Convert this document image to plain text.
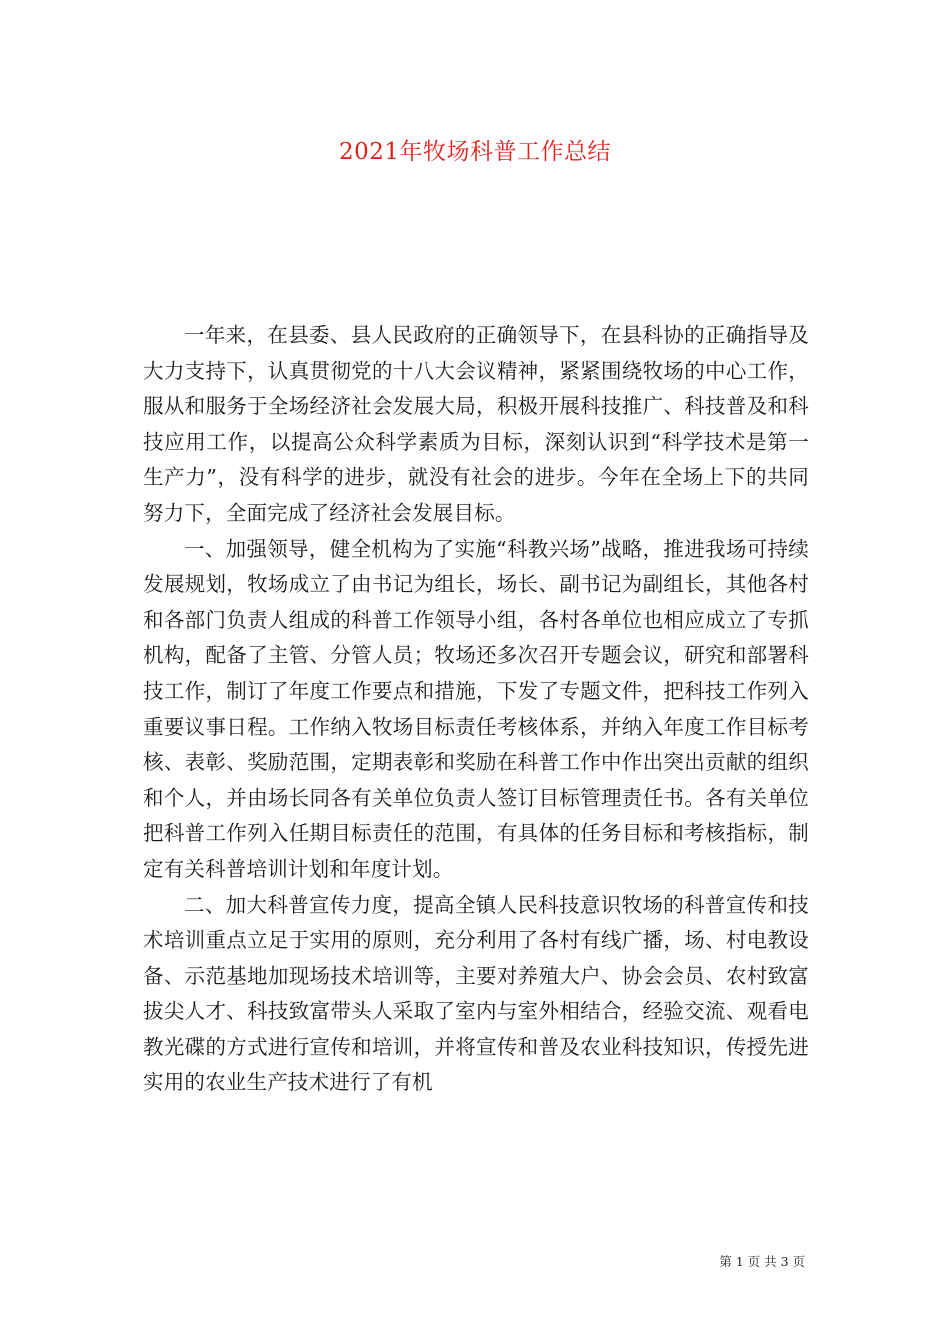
2021年牧场科普工作总结

一年来，在县委、县人民政府的正确领导下，在县科协的正确指导及大力支持下，认真贯彻党的十八大会议精神，紧紧围绕牧场的中心工作，服从和服务于全场经济社会发展大局，积极开展科技推广、科技普及和科技应用工作，以提高公众科学素质为目标，深刻认识到“科学技术是第一生产力”，没有科学的进步，就没有社会的进步。今年在全场上下的共同努力下，全面完成了经济社会发展目标。

一、加强领导，健全机构为了实施“科教兴场”战略，推进我场可持续发展规划，牧场成立了由书记为组长，场长、副书记为副组长，其他各村和各部门负责人组成的科普工作领导小组，各村各单位也相应成立了专抓机构，配备了主管、分管人员；牧场还多次召开专题会议，研究和部署科技工作，制订了年度工作要点和措施，下发了专题文件，把科技工作列入重要议事日程。工作纳入牧场目标责任考核体系，并纳入年度工作目标考核、表彰、奖励范围，定期表彰和奖励在科普工作中作出突出贡献的组织和个人，并由场长同各有关单位负责人签订目标管理责任书。各有关单位把科普工作列入任期目标责任的范围，有具体的任务目标和考核指标，制定有关科普培训计划和年度计划。

二、加大科普宣传力度，提高全镇人民科技意识牧场的科普宣传和技术培训重点立足于实用的原则，充分利用了各村有线广播，场、村电教设备、示范基地加现场技术培训等，主要对养殖大户、协会会员、农村致富拔尖人才、科技致富带头人采取了室内与室外相结合，经验交流、观看电教光碟的方式进行宣传和培训，并将宣传和普及农业科技知识，传授先进实用的农业生产技术进行了有机

第 1 页 共 3 页
